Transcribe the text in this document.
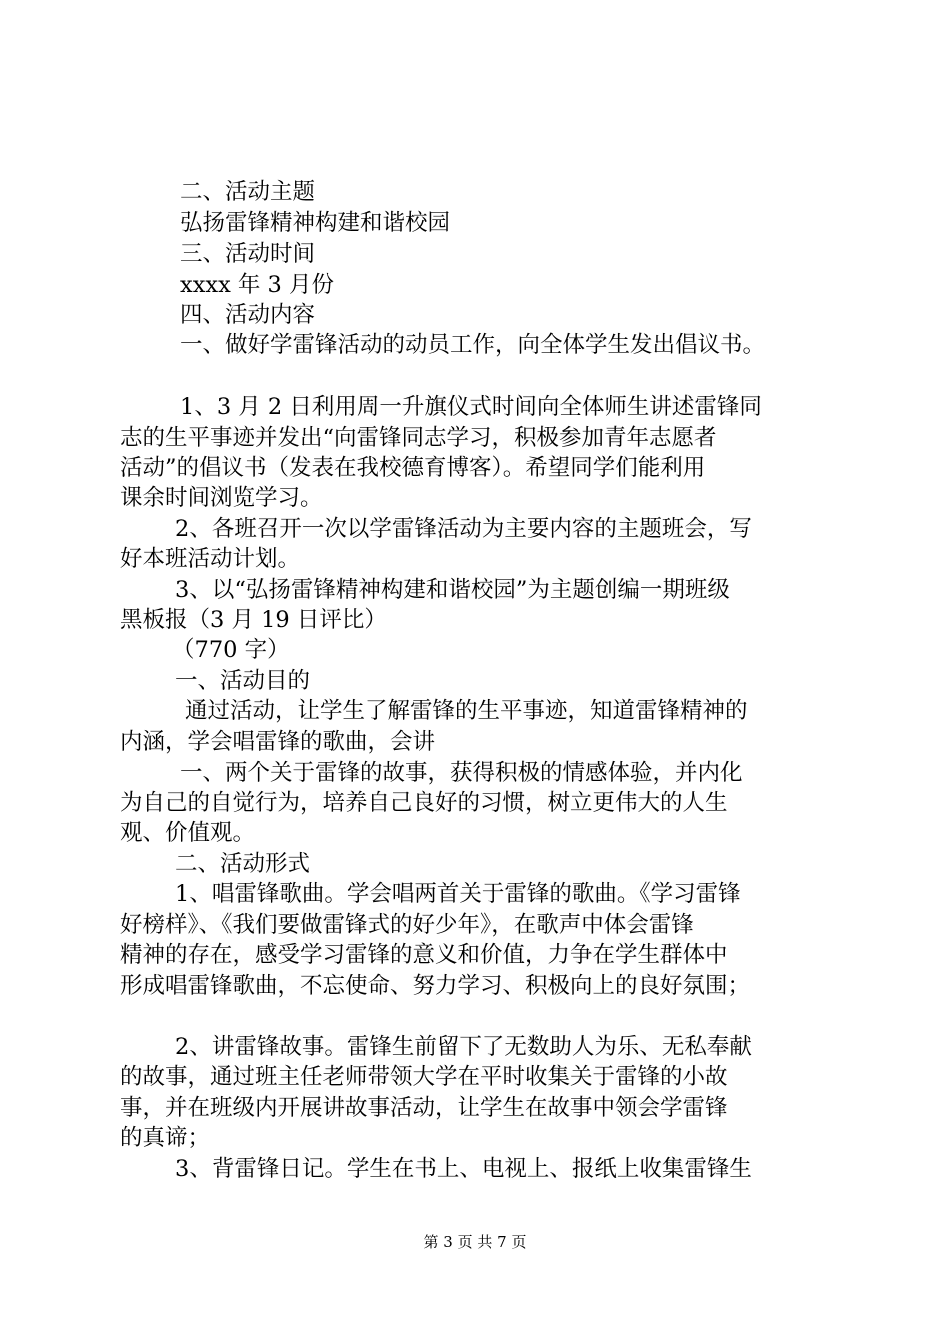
二、活动主题
弘扬雷锋精神构建和谐校园
三、活动时间
xxxx 年 3 月份
四、活动内容
一、做好学雷锋活动的动员工作，向全体学生发出倡议书。
1、3 月 2 日利用周一升旗仪式时间向全体师生讲述雷锋同
志的生平事迹并发出“向雷锋同志学习，积极参加青年志愿者
活动”的倡议书（发表在我校德育博客）。希望同学们能利用
课余时间浏览学习。
2、各班召开一次以学雷锋活动为主要内容的主题班会，写
好本班活动计划。
3、以“弘扬雷锋精神构建和谐校园”为主题创编一期班级
黑板报（3 月 19 日评比）
（770 字）
一、活动目的
通过活动，让学生了解雷锋的生平事迹，知道雷锋精神的
内涵，学会唱雷锋的歌曲，会讲
一、两个关于雷锋的故事，获得积极的情感体验，并内化
为自己的自觉行为，培养自己良好的习惯，树立更伟大的人生
观、价值观。
二、活动形式
1、唱雷锋歌曲。学会唱两首关于雷锋的歌曲。《学习雷锋
好榜样》、《我们要做雷锋式的好少年》，在歌声中体会雷锋
精神的存在，感受学习雷锋的意义和价值，力争在学生群体中
形成唱雷锋歌曲，不忘使命、努力学习、积极向上的良好氛围；
2、讲雷锋故事。雷锋生前留下了无数助人为乐、无私奉献
的故事，通过班主任老师带领大学在平时收集关于雷锋的小故
事，并在班级内开展讲故事活动，让学生在故事中领会学雷锋
的真谛；
3、背雷锋日记。学生在书上、电视上、报纸上收集雷锋生
第 3 页 共 7 页
